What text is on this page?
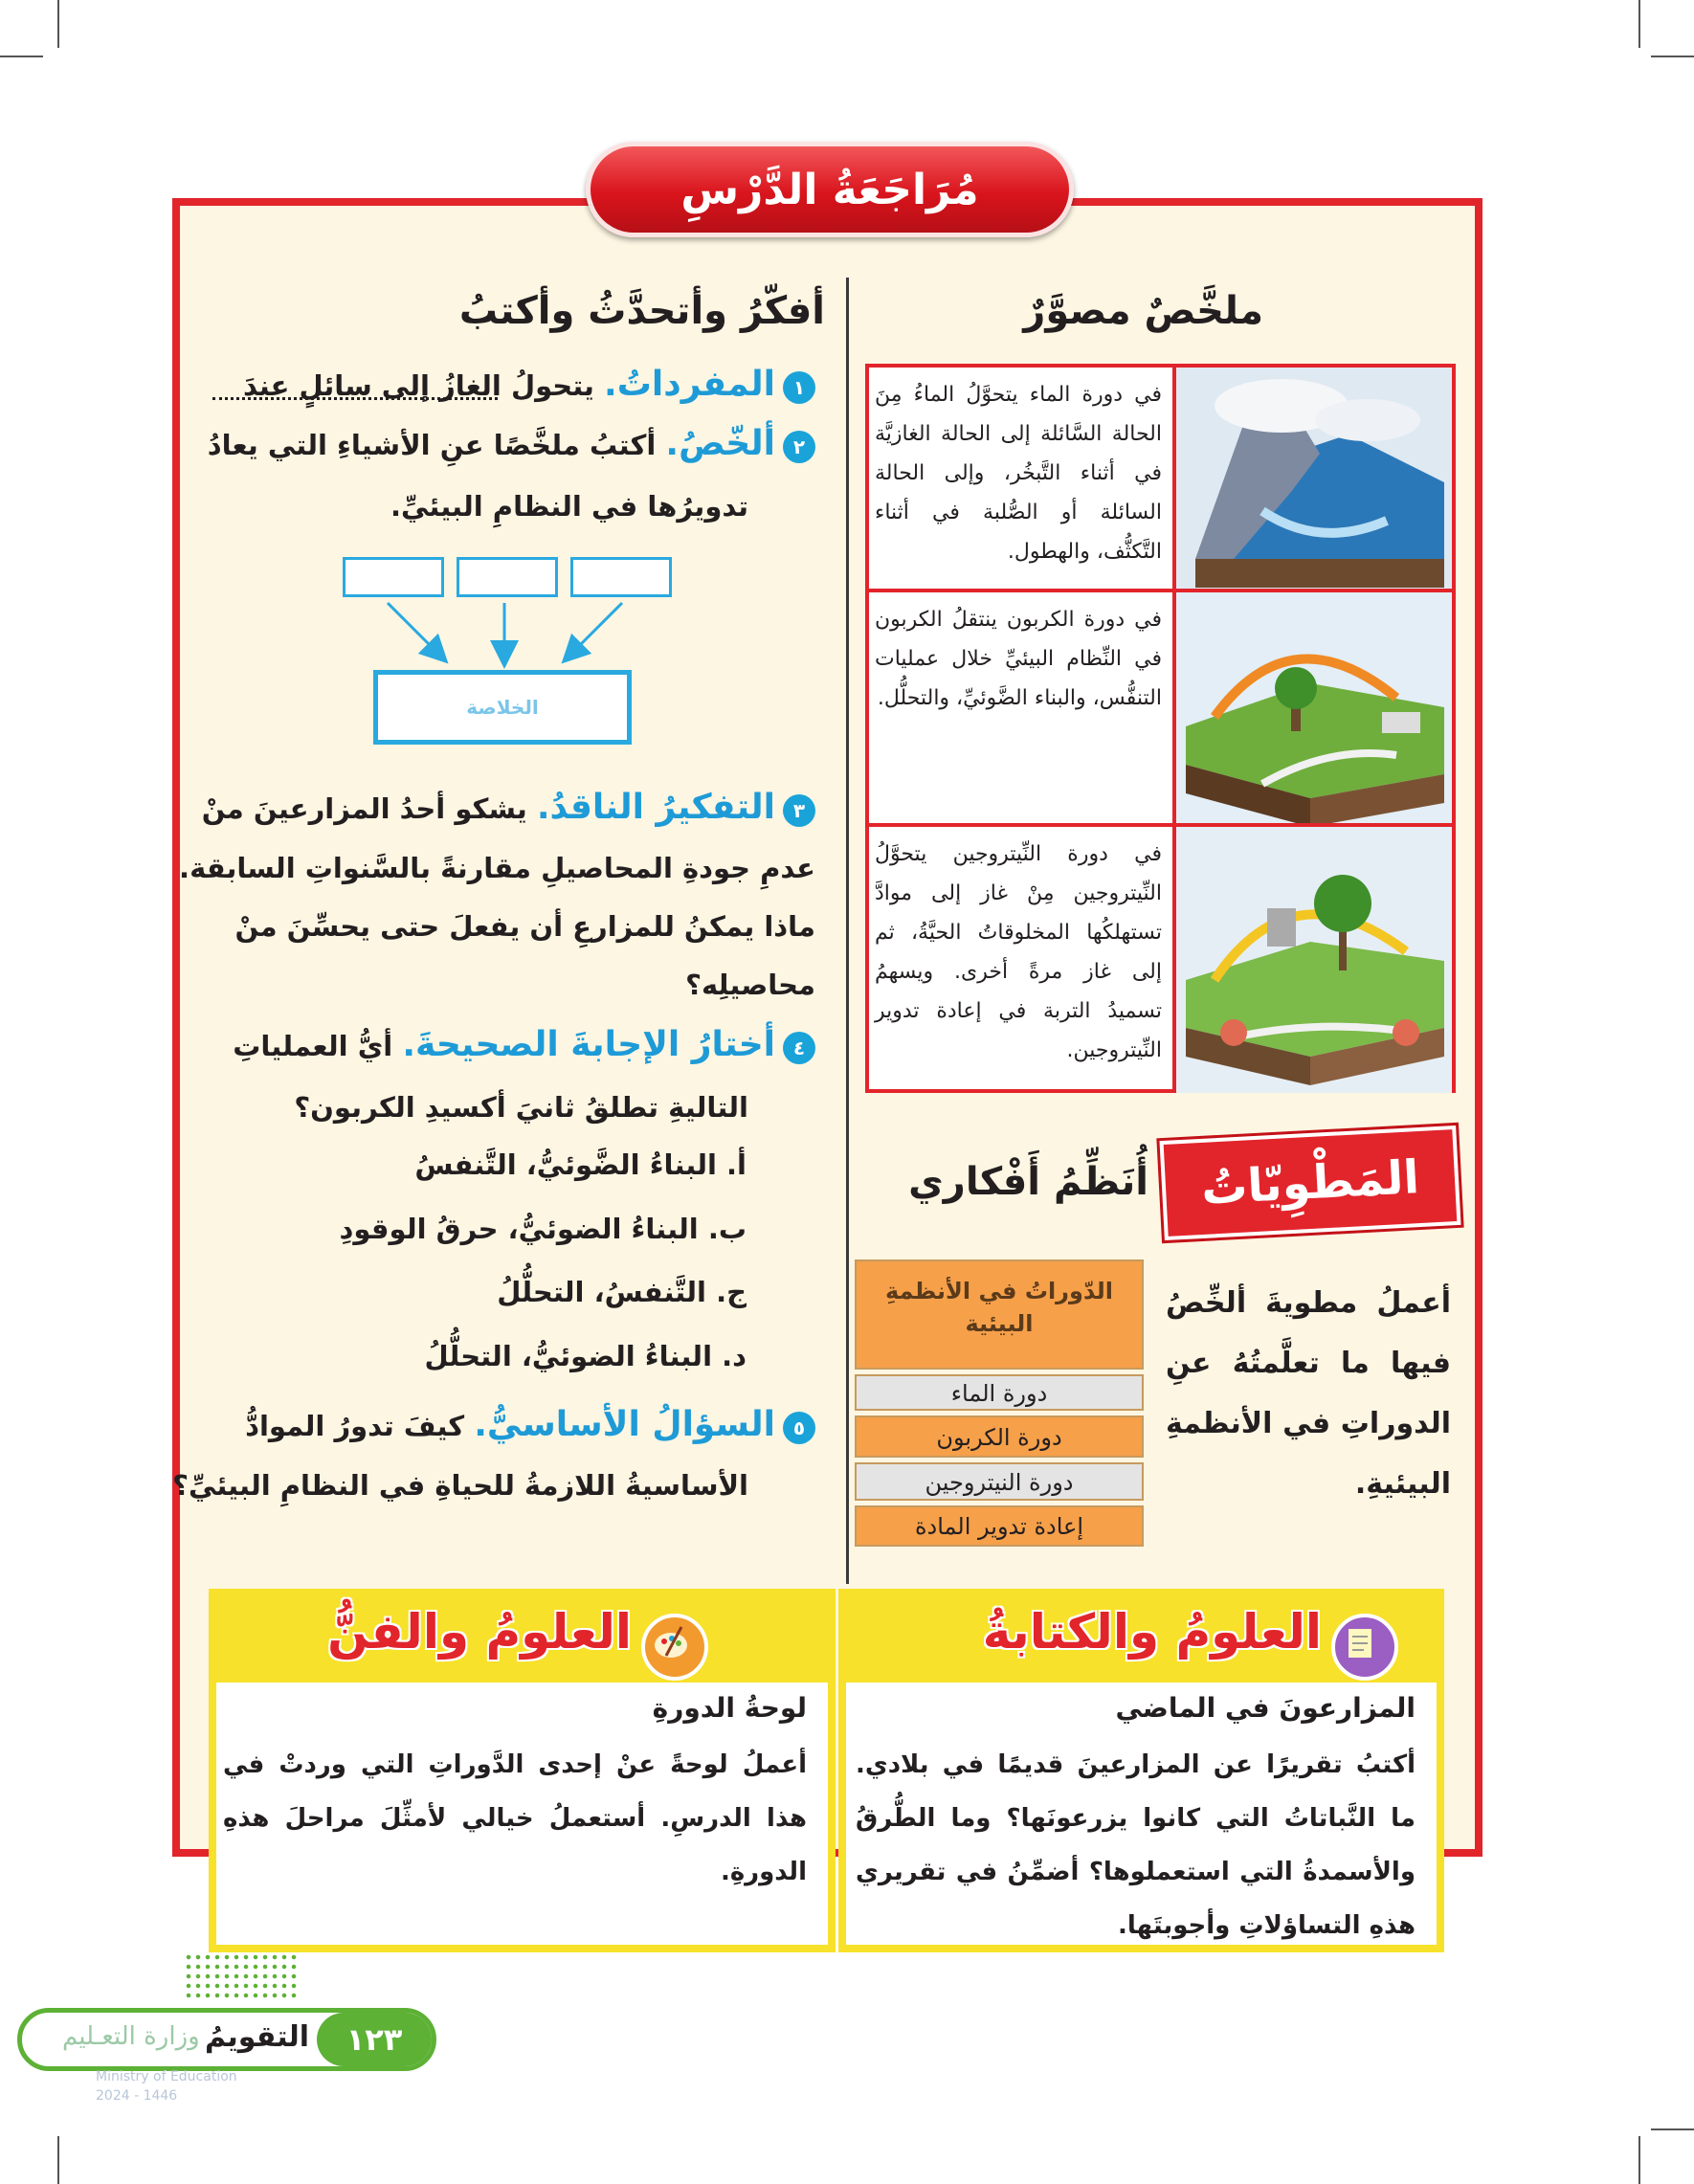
مُرَاجَعَةُ الدَّرْسِ
ملخَّصٌ مصوَّرٌ
في دورة الماء يتحوَّلُ الماءُ مِنَ الحالة السَّائلة إلى الحالة الغازيَّة في أثناء التَّبخُر، وإلى الحالة السائلة أو الصُّلبة في أثناء التَّكثُّف، والهطول.
في دورة الكربون ينتقلُ الكربون في النِّظام البيئيِّ خلال عمليات التنفُّس، والبناء الضَّوئيِّ، والتحلُّل.
في دورة النِّيتروجين يتحوَّلُ النِّيتروجين مِنْ غاز إلى موادَّ تستهلكُها المخلوقاتُ الحيَّةُ، ثم إلى غاز مرةً أخرى. ويسهمُ تسميدُ التربة في إعادة تدوير النِّيتروجين.
المَطْوِيّاتُ
أُنَظِّمُ أَفْكاري
أعملُ مطويةَ ألخِّصُ فيها ما تعلَّمتُهُ عنِ الدوراتِ في الأنظمةِ البيئيةِ.
الدّوراتُ في الأنظمةِ البيئية
دورة الماء
دورة الكربون
دورة النيتروجين
إعادة تدوير المادة
أفكّرُ وأتحدَّثُ وأكتبُ
١المفرداتُ. يتحولُ الغازُ إلى سائلٍ عندَ
٢ألخّصُ. أكتبُ ملخَّصًا عنِ الأشياءِ التي يعادُ
تدويرُها في النظامِ البيئيِّ.
الخلاصة
٣التفكيرُ الناقدُ. يشكو أحدُ المزارعينَ منْ
عدمِ جودةِ المحاصيلِ مقارنةً بالسَّنواتِ السابقة.
ماذا يمكنُ للمزارعِ أن يفعلَ حتى يحسِّنَ منْ
محاصيلِه؟
٤أختارُ الإجابةَ الصحيحةَ. أيُّ العملياتِ
التاليةِ تطلقُ ثانيَ أكسيدِ الكربون؟
أ. البناءُ الضَّوئيُّ، التَّنفسُ
ب. البناءُ الضوئيُّ، حرقُ الوقودِ
ج. التَّنفسُ، التحلُّلُ
د. البناءُ الضوئيُّ، التحلُّلُ
٥السؤالُ الأساسيُّ. كيفَ تدورُ الموادُّ
الأساسيةُ اللازمةُ للحياةِ في النظامِ البيئيِّ؟
العلومُ والكتابةُ
المزارعونَ في الماضي
أكتبُ تقريرًا عن المزارعينَ قديمًا في بلادي. ما النَّباتاتُ التي كانوا يزرعونَها؟ وما الطُّرقُ والأسمدةُ التي استعملوها؟ أضمِّنُ في تقريري هذهِ التساؤلاتِ وأجوبتَها.
العلومُ والفنُّ
لوحةُ الدورةِ
أعملُ لوحةً عنْ إحدى الدَّوراتِ التي وردتْ في هذا الدرسِ. أستعملُ خيالي لأمثِّلَ مراحلَ هذهِ الدورةِ.
١٢٣
التقويمُ
وزارة التعـليم
Ministry of Education
2024 - 1446
